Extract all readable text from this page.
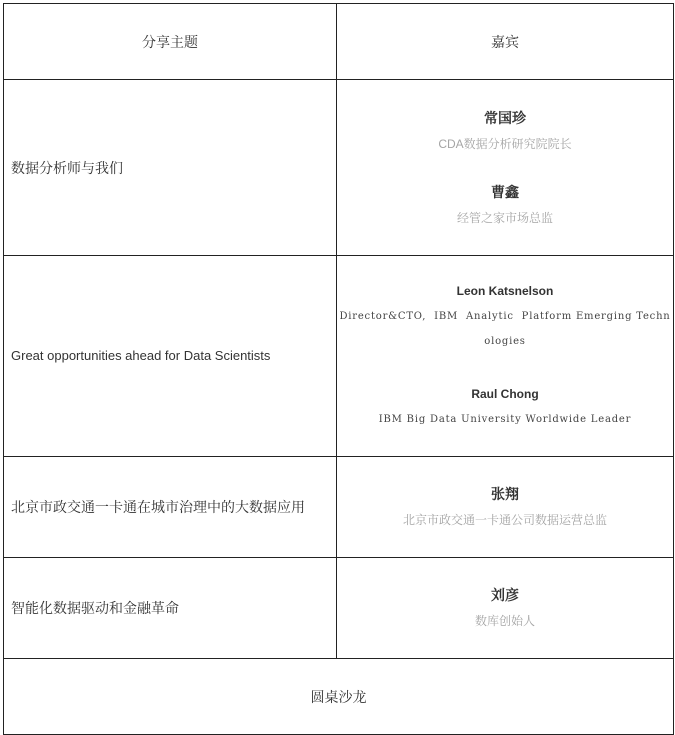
分享主题	嘉宾
数据分析师与我们	常国珍
CDA数据分析研究院院长
曹鑫
经管之家市场总监

Great opportunities ahead for Data Scientists	Leon Katsnelson
Director&CTO,  IBM  Analytic  Platform Emerging Techn
ologies
Raul Chong
IBM Big Data University Worldwide Leader

北京市政交通一卡通在城市治理中的大数据应用	张翔
北京市政交通一卡通公司数据运营总监

智能化数据驱动和金融革命	刘彦
数库创始人

圆桌沙龙	
